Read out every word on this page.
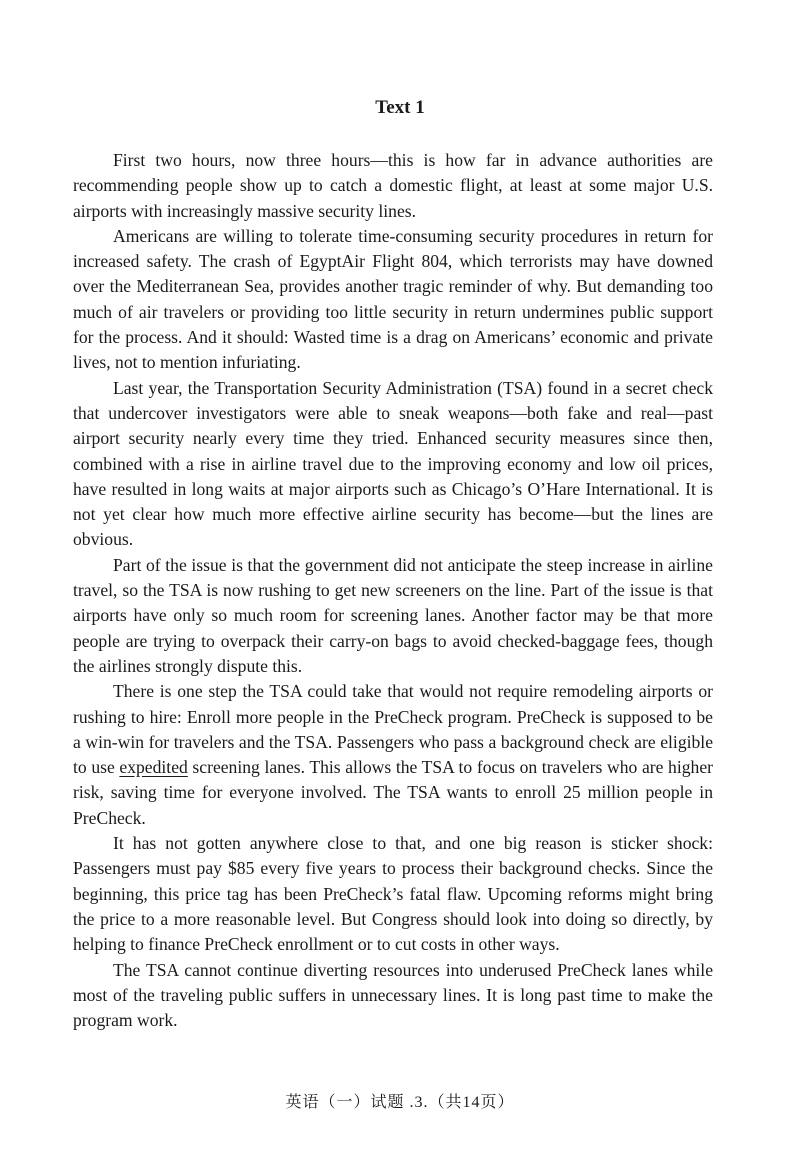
Text 1

First two hours, now three hours—this is how far in advance authorities are recommending people show up to catch a domestic flight, at least at some major U.S. airports with increasingly massive security lines.

Americans are willing to tolerate time-consuming security procedures in return for increased safety. The crash of EgyptAir Flight 804, which terrorists may have downed over the Mediterranean Sea, provides another tragic reminder of why. But demanding too much of air travelers or providing too little security in return undermines public support for the process. And it should: Wasted time is a drag on Americans’ economic and private lives, not to mention infuriating.

Last year, the Transportation Security Administration (TSA) found in a secret check that undercover investigators were able to sneak weapons—both fake and real—past airport security nearly every time they tried. Enhanced security measures since then, combined with a rise in airline travel due to the improving economy and low oil prices, have resulted in long waits at major airports such as Chicago’s O’Hare International. It is not yet clear how much more effective airline security has become—but the lines are obvious.

Part of the issue is that the government did not anticipate the steep increase in airline travel, so the TSA is now rushing to get new screeners on the line. Part of the issue is that airports have only so much room for screening lanes. Another factor may be that more people are trying to overpack their carry-on bags to avoid checked-baggage fees, though the airlines strongly dispute this.

There is one step the TSA could take that would not require remodeling airports or rushing to hire: Enroll more people in the PreCheck program. PreCheck is supposed to be a win-win for travelers and the TSA. Passengers who pass a background check are eligible to use expedited screening lanes. This allows the TSA to focus on travelers who are higher risk, saving time for everyone involved. The TSA wants to enroll 25 million people in PreCheck.

It has not gotten anywhere close to that, and one big reason is sticker shock: Passengers must pay $85 every five years to process their background checks. Since the beginning, this price tag has been PreCheck’s fatal flaw. Upcoming reforms might bring the price to a more reasonable level. But Congress should look into doing so directly, by helping to finance PreCheck enrollment or to cut costs in other ways.

The TSA cannot continue diverting resources into underused PreCheck lanes while most of the traveling public suffers in unnecessary lines. It is long past time to make the program work.

英语（一）试题 .3.（共14页）
